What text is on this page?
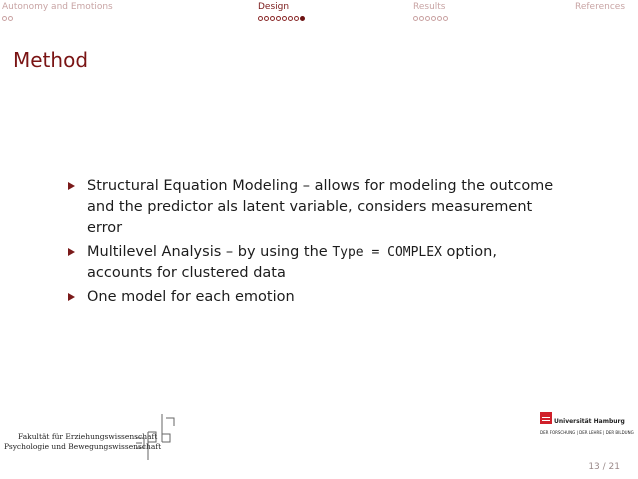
Autonomy and Emotions	Design	Results	References
Method
Structural Equation Modeling – allows for modeling the outcome and the predictor als latent variable, considers measurement error
Multilevel Analysis – by using the Type = COMPLEX option, accounts for clustered data
One model for each emotion
Fakultät für Erziehungswissenschaft
Psychologie und Bewegungswissenschaft
Universität Hamburg
DER FORSCHUNG | DER LEHRE | DER BILDUNG
13 / 21
